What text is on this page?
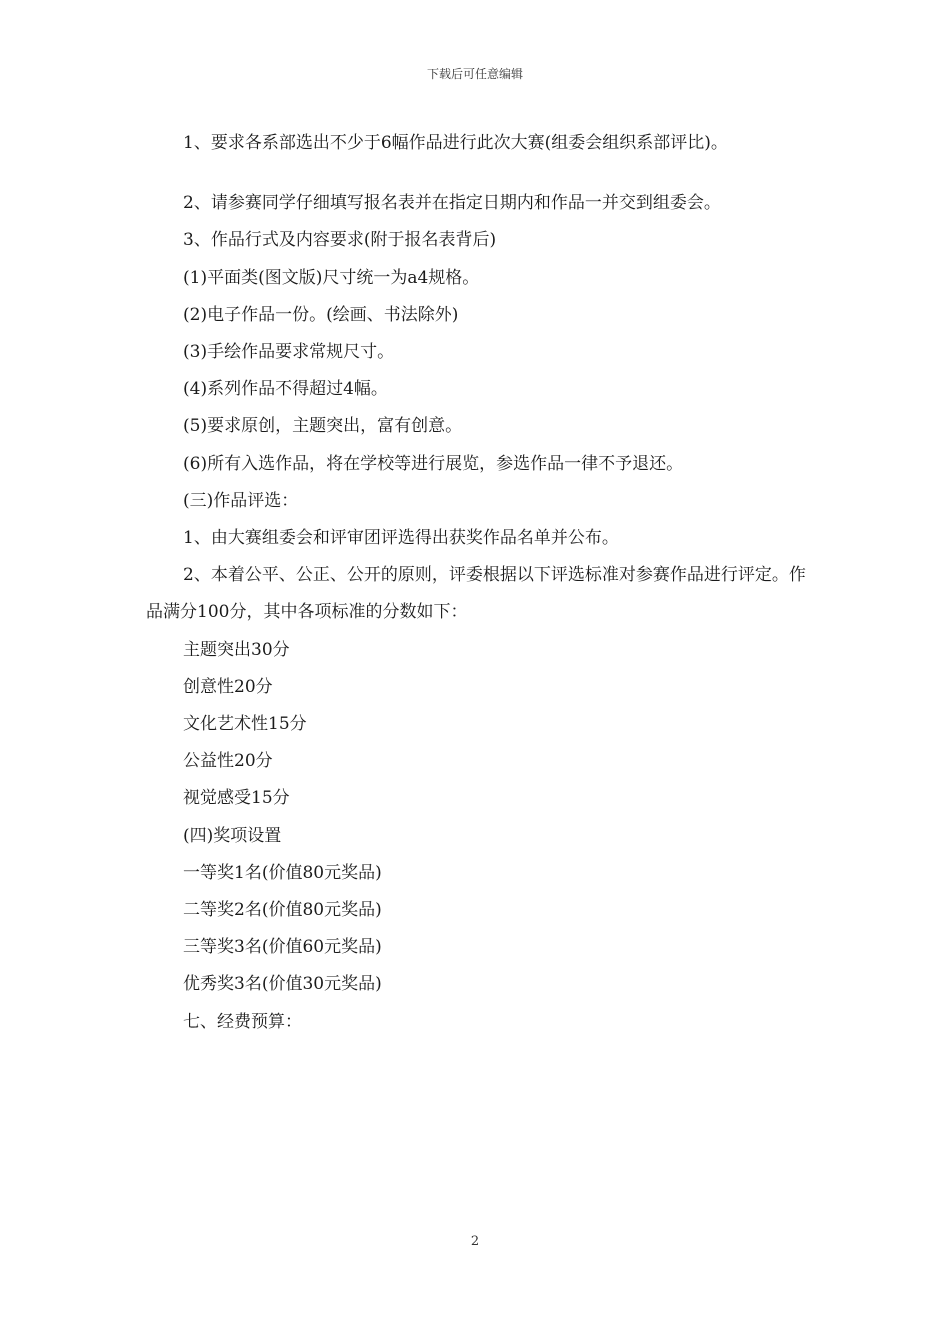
下载后可任意编辑

1、要求各系部选出不少于6幅作品进行此次大赛(组委会组织系部评比)。

2、请参赛同学仔细填写报名表并在指定日期内和作品一并交到组委会。

3、作品行式及内容要求(附于报名表背后)

(1)平面类(图文版)尺寸统一为a4规格。

(2)电子作品一份。(绘画、书法除外)

(3)手绘作品要求常规尺寸。

(4)系列作品不得超过4幅。

(5)要求原创，主题突出，富有创意。

(6)所有入选作品，将在学校等进行展览，参选作品一律不予退还。

(三)作品评选：

1、由大赛组委会和评审团评选得出获奖作品名单并公布。

2、本着公平、公正、公开的原则，评委根据以下评选标准对参赛作品进行评定。作品满分100分，其中各项标准的分数如下：

主题突出30分

创意性20分

文化艺术性15分

公益性20分

视觉感受15分

(四)奖项设置

一等奖1名(价值80元奖品)

二等奖2名(价值80元奖品)

三等奖3名(价值60元奖品)

优秀奖3名(价值30元奖品)

七、经费预算：

2
